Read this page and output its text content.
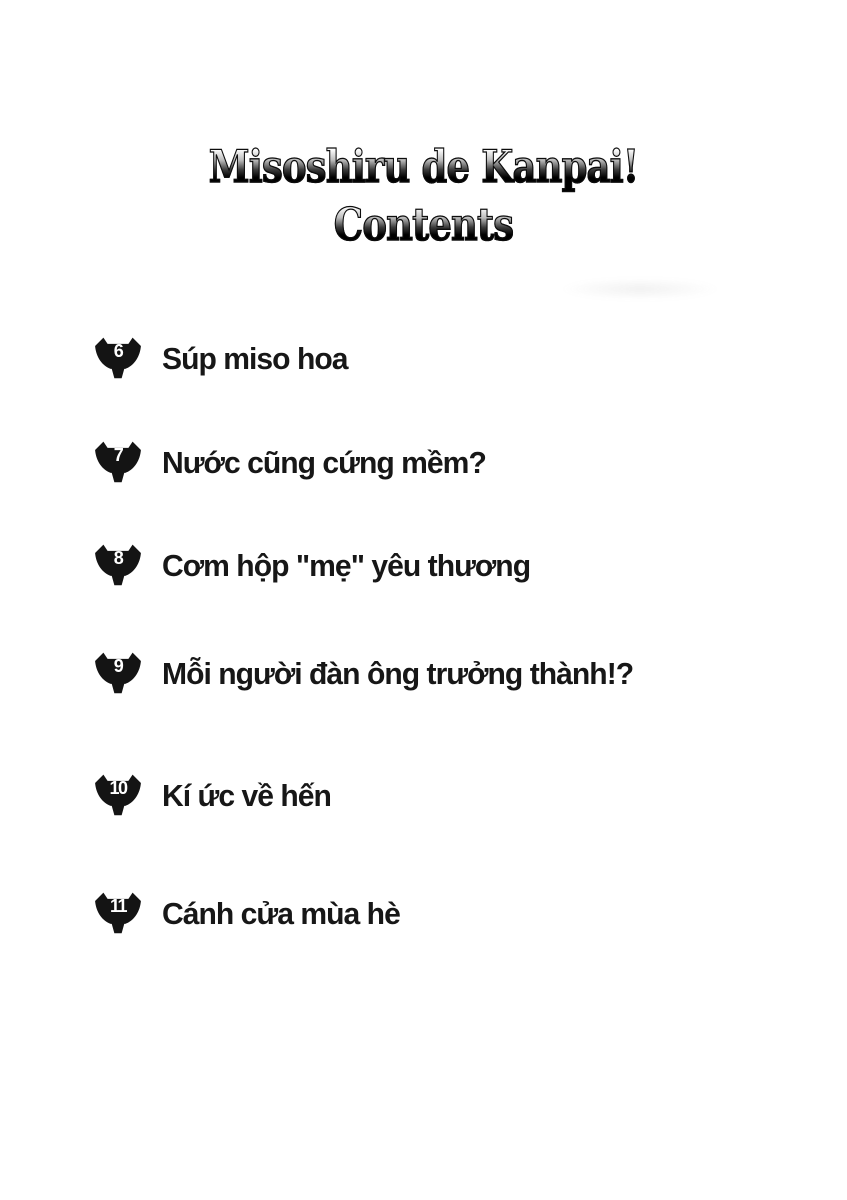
Misoshiru de Kanpai!
Contents
6	Súp miso hoa
7	Nước cũng cứng mềm?
8	Cơm hộp "mẹ" yêu thương
9	Mỗi người đàn ông trưởng thành!?
10	Kí ức về hến
11	Cánh cửa mùa hè
